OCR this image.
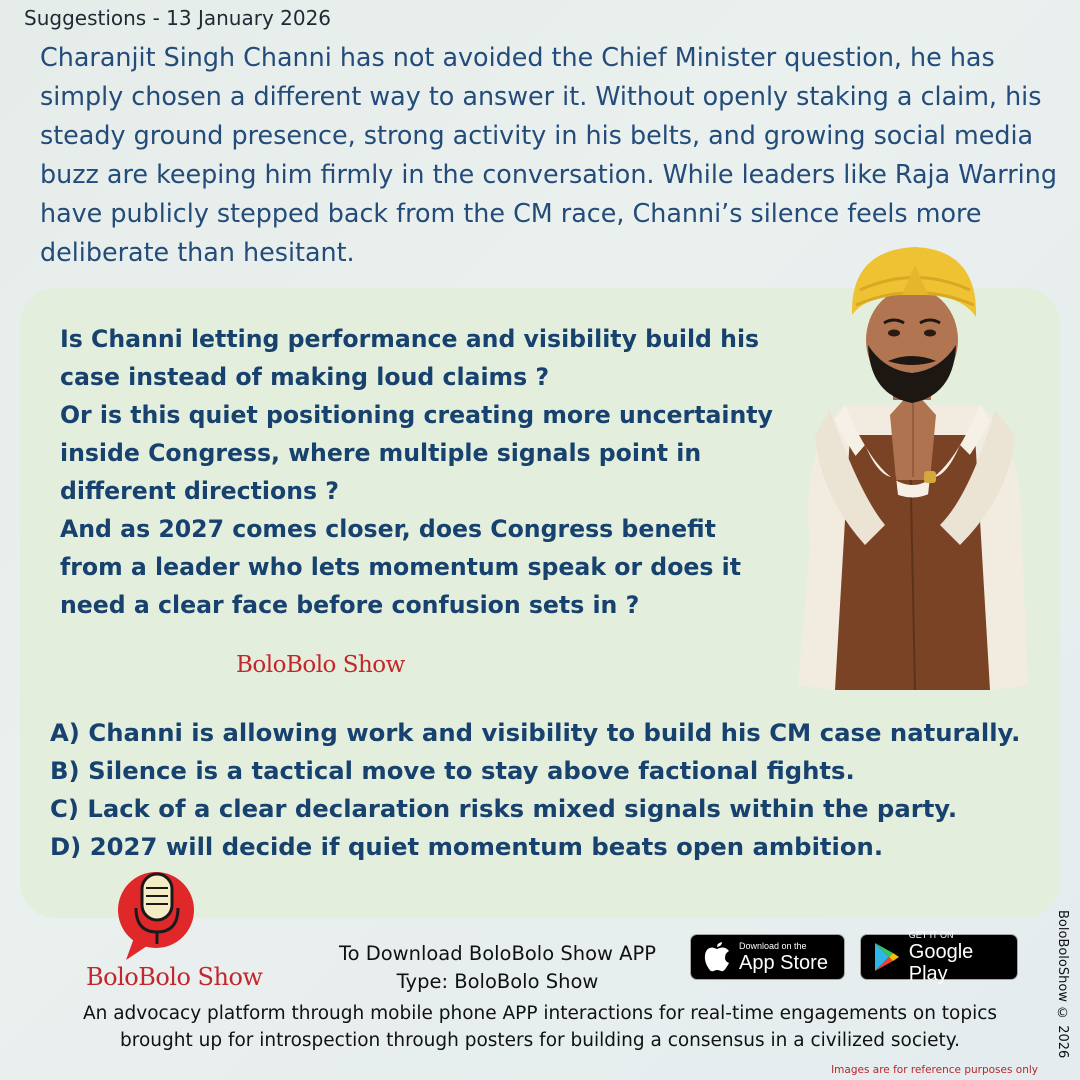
Suggestions - 13 January 2026
Charanjit Singh Channi has not avoided the Chief Minister question, he has simply chosen a different way to answer it. Without openly staking a claim, his steady ground presence, strong activity in his belts, and growing social media buzz are keeping him firmly in the conversation. While leaders like Raja Warring have publicly stepped back from the CM race, Channi’s silence feels more deliberate than hesitant.
Is Channi letting performance and visibility build his case instead of making loud claims ?
Or is this quiet positioning creating more uncertainty inside Congress, where multiple signals point in different directions ?
And as 2027 comes closer, does Congress benefit from a leader who lets momentum speak or does it need a clear face before confusion sets in ?
BoloBolo Show
A) Channi is allowing work and visibility to build his CM case naturally.
B) Silence is a tactical move to stay above factional fights.
C) Lack of a clear declaration risks mixed signals within the party.
D) 2027 will decide if quiet momentum beats open ambition.
BoloBolo Show
To Download BoloBolo Show APP
Type: BoloBolo Show
Download on the
App Store
GET IT ON
Google Play
An advocacy platform through mobile phone APP interactions for real-time engagements on topics
brought up for introspection through posters for building a consensus in a civilized society.	BoloBoloShow © 2026
Images are for reference purposes only
